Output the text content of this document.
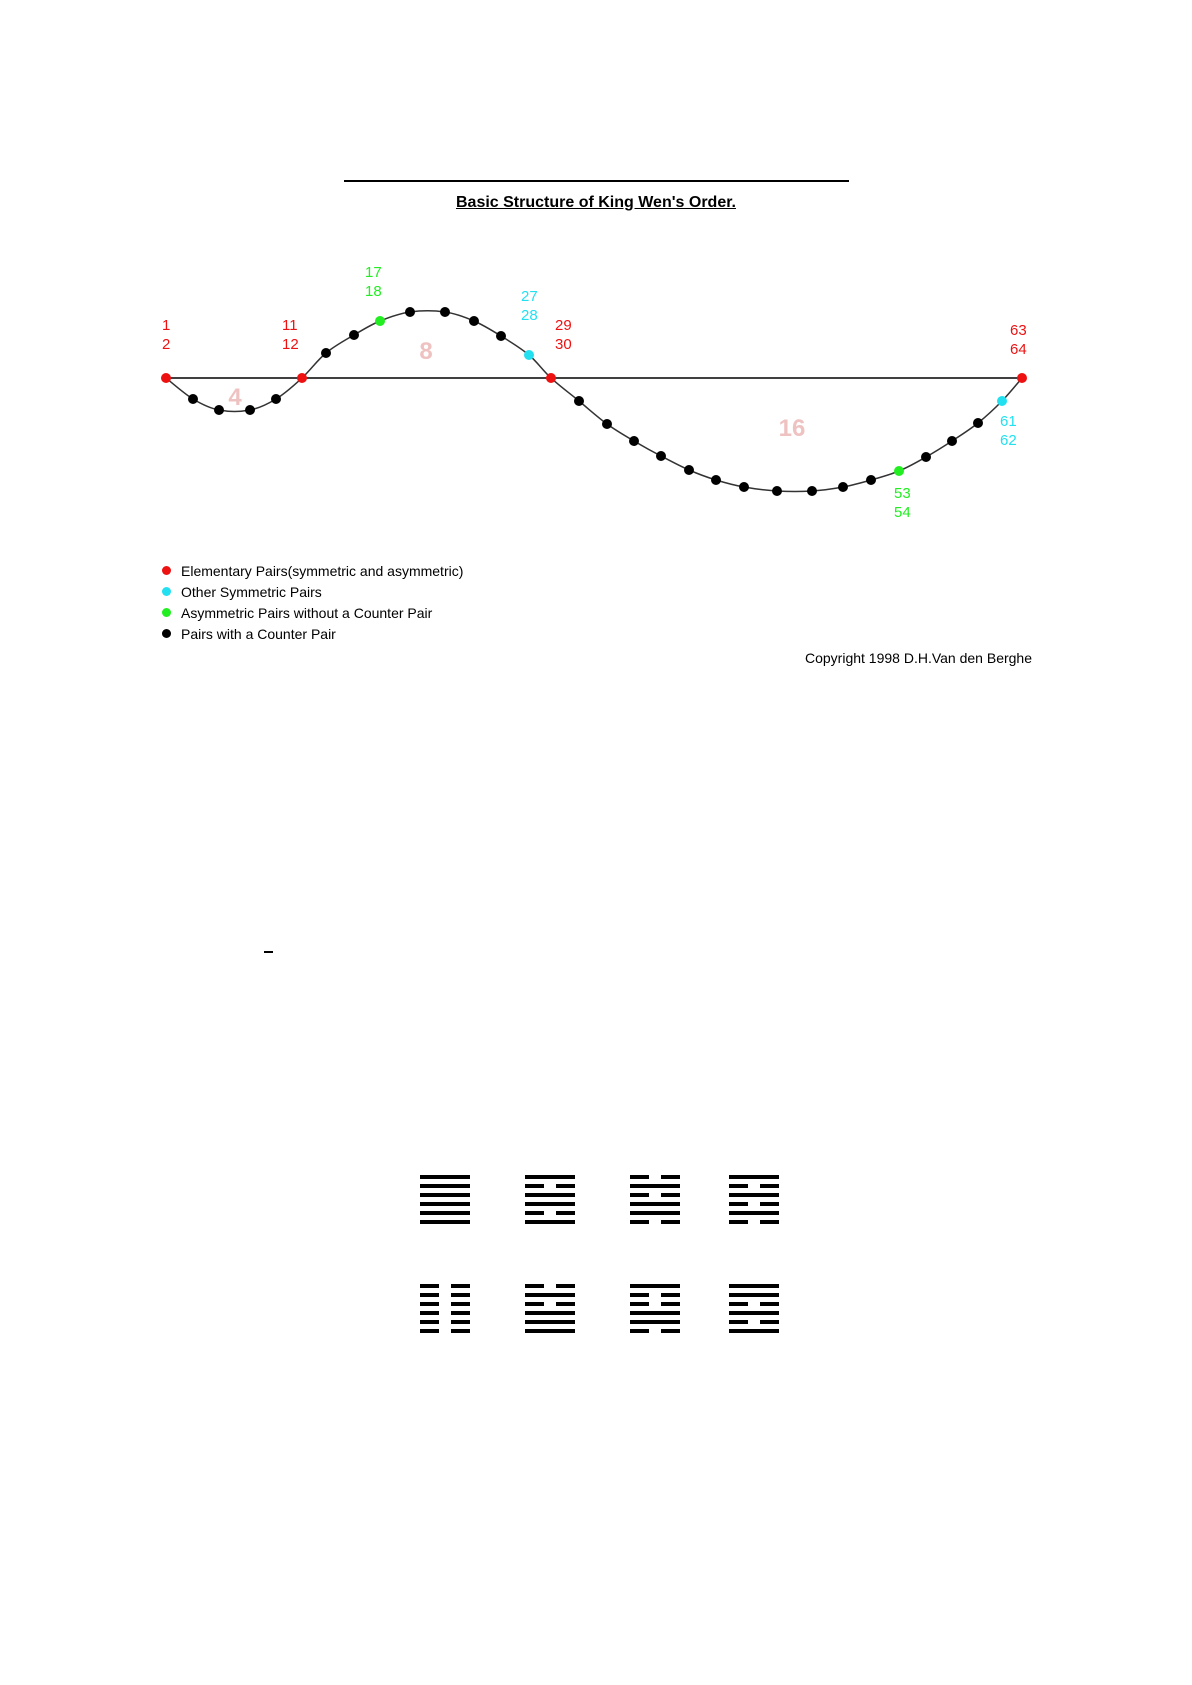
Basic Structure of King Wen's Order.
4
8
16
1
2
11
12
17
18	27
28
29
30
53
54
61
62
63
64
Elementary Pairs(symmetric and asymmetric)
Other Symmetric Pairs
Asymmetric Pairs without a Counter Pair
Pairs with a Counter Pair
Copyright 1998 D.H.Van den Berghe
